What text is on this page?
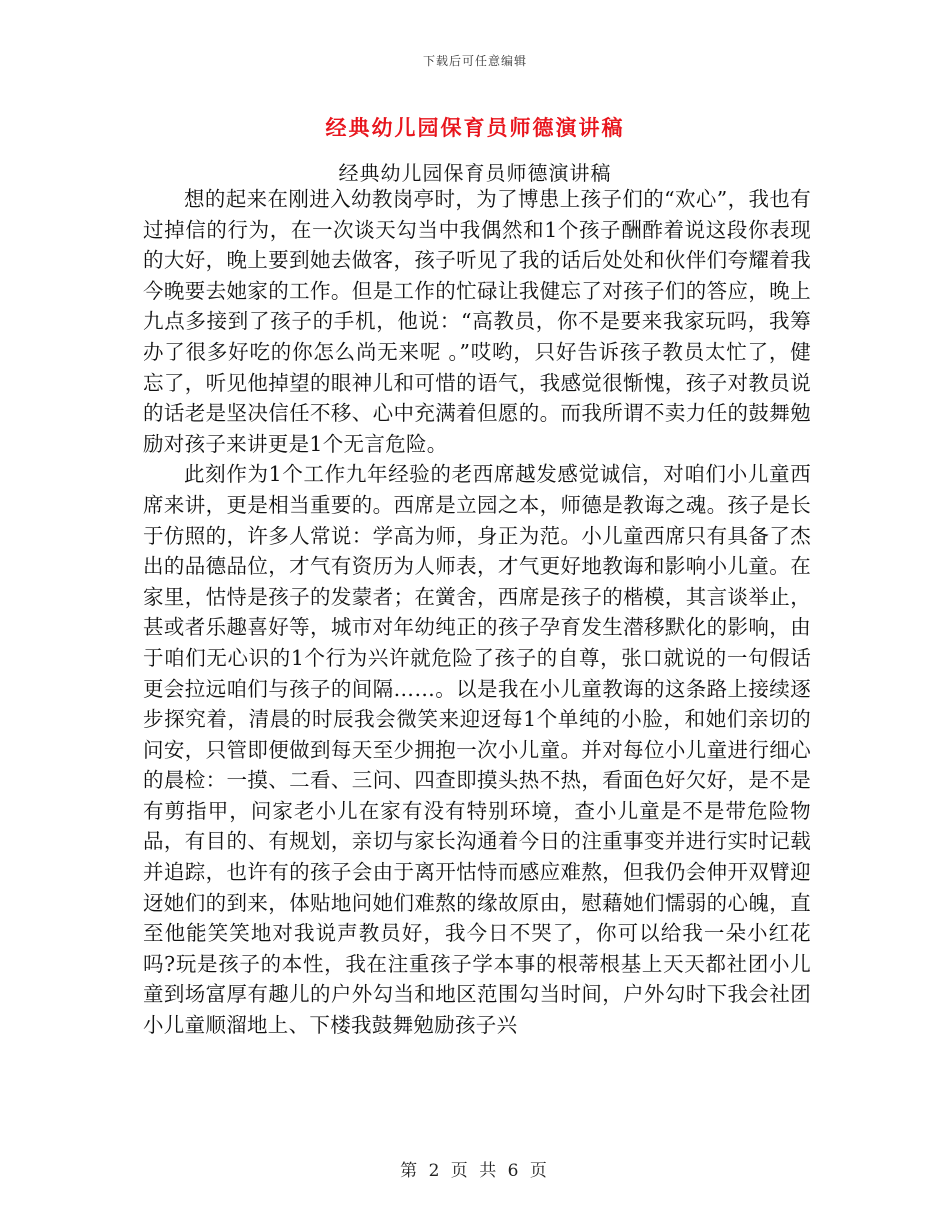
下载后可任意编辑
经典幼儿园保育员师德演讲稿
经典幼儿园保育员师德演讲稿

想的起来在刚进入幼教岗亭时，为了博患上孩子们的“欢心”，我也有过掉信的行为，在一次谈天勾当中我偶然和1个孩子酬酢着说这段你表现的大好，晚上要到她去做客，孩子听见了我的话后处处和伙伴们夸耀着我今晚要去她家的工作。但是工作的忙碌让我健忘了对孩子们的答应，晚上九点多接到了孩子的手机，他说：“高教员，你不是要来我家玩吗，我筹办了很多好吃的你怎么尚无来呢 。”哎哟，只好告诉孩子教员太忙了，健忘了，听见他掉望的眼神儿和可惜的语气，我感觉很惭愧，孩子对教员说的话老是坚决信任不移、心中充满着但愿的。而我所谓不卖力任的鼓舞勉励对孩子来讲更是1个无言危险。

此刻作为1个工作九年经验的老西席越发感觉诚信，对咱们小儿童西席来讲，更是相当重要的。西席是立园之本，师德是教诲之魂。孩子是长于仿照的，许多人常说：学高为师，身正为范。小儿童西席只有具备了杰出的品德品位，才气有资历为人师表，才气更好地教诲和影响小儿童。在家里，怙恃是孩子的发蒙者；在黉舍，西席是孩子的楷模，其言谈举止，甚或者乐趣喜好等，城市对年幼纯正的孩子孕育发生潜移默化的影响，由于咱们无心识的1个行为兴许就危险了孩子的自尊，张口就说的一句假话更会拉远咱们与孩子的间隔……。以是我在小儿童教诲的这条路上接续逐步探究着，清晨的时辰我会微笑来迎迓每1个单纯的小脸，和她们亲切的问安，只管即便做到每天至少拥抱一次小儿童。并对每位小儿童进行细心的晨检：一摸、二看、三问、四查即摸头热不热，看面色好欠好，是不是有剪指甲，问家老小儿在家有没有特别环境，查小儿童是不是带危险物品，有目的、有规划，亲切与家长沟通着今日的注重事变并进行实时记载并追踪，也许有的孩子会由于离开怙恃而感应难熬，但我仍会伸开双臂迎迓她们的到来，体贴地问她们难熬的缘故原由，慰藉她们懦弱的心魄，直至他能笑笑地对我说声教员好，我今日不哭了，你可以给我一朵小红花吗?玩是孩子的本性，我在注重孩子学本事的根蒂根基上天天都社团小儿童到场富厚有趣儿的户外勾当和地区范围勾当时间，户外勾时下我会社团小儿童顺溜地上、下楼我鼓舞勉励孩子兴

第 2 页 共 6 页
